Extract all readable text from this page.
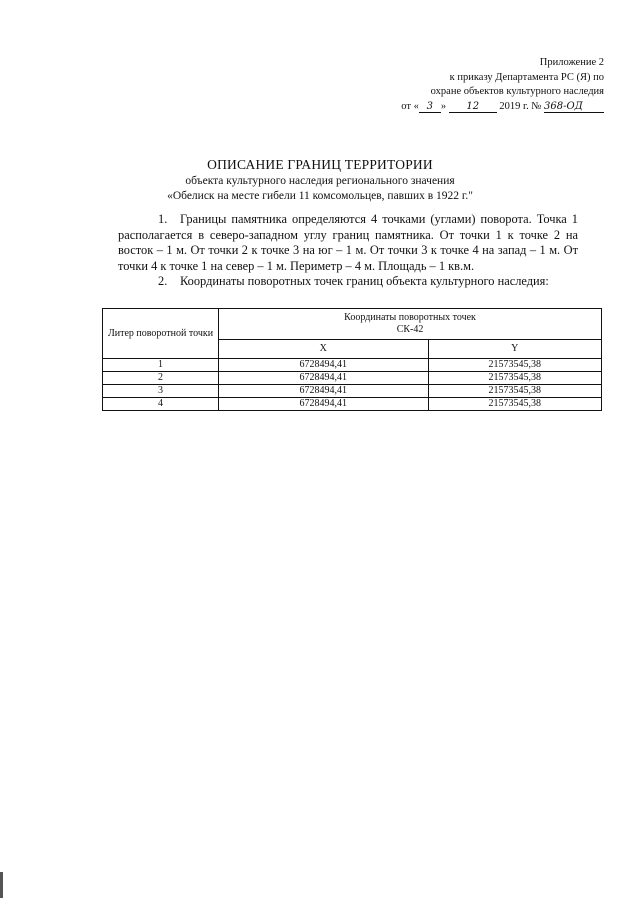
Приложение 2
к приказу Департамента РС (Я) по
охране объектов культурного наследия
от « 3 » 12 2019 г. № 368-ОД
ОПИСАНИЕ ГРАНИЦ ТЕРРИТОРИИ
объекта культурного наследия регионального значения
«Обелиск на месте гибели 11 комсомольцев, павших в 1922 г."

1. Границы памятника определяются 4 точками (углами) поворота. Точка 1 располагается в северо-западном углу границ памятника. От точки 1 к точке 2 на восток – 1 м. От точки 2 к точке 3 на юг – 1 м. От точки 3 к точке 4 на запад – 1 м. От точки 4 к точке 1 на север – 1 м. Периметр – 4 м. Площадь – 1 кв.м.

2. Координаты поворотных точек границ объекта культурного наследия:

Литер поворотной точки	Координаты поворотных точек
СК-42	

	X	Y
1	6728494,41	21573545,38
2	6728494,41	21573545,38
3	6728494,41	21573545,38
4	6728494,41	21573545,38
